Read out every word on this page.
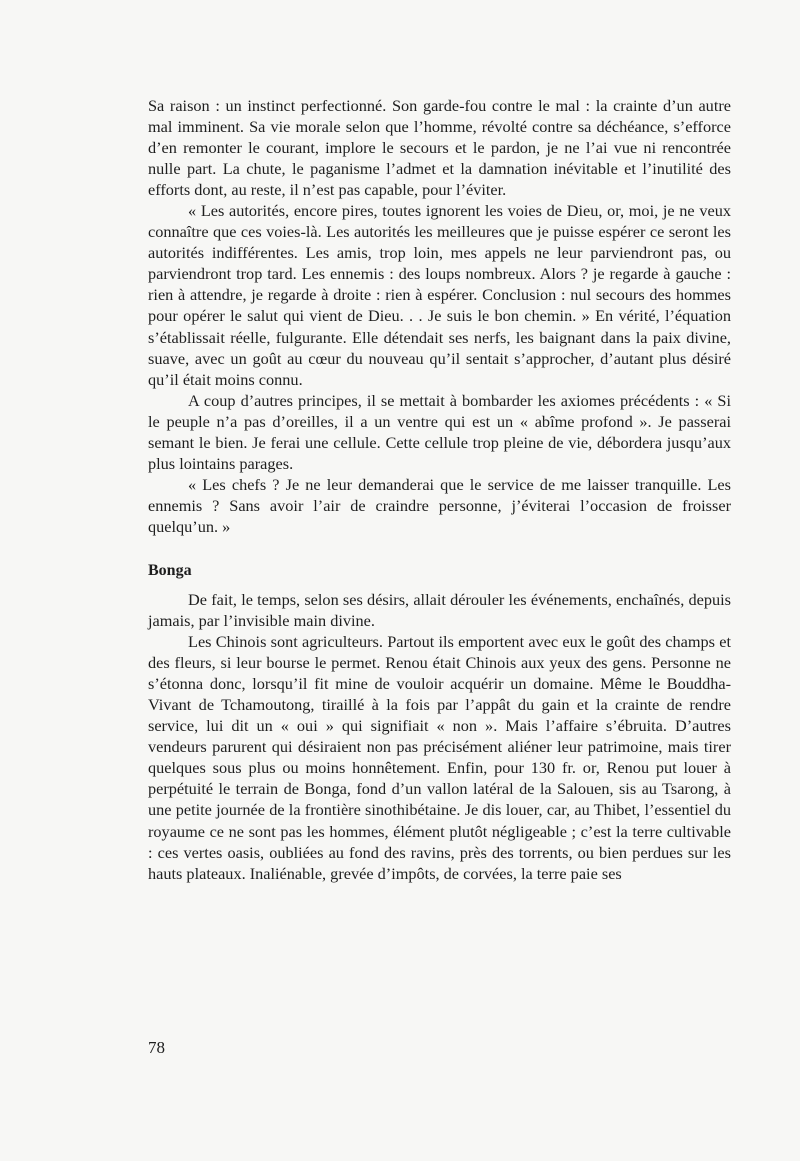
Sa raison : un instinct perfectionné. Son garde-fou contre le mal : la crainte d’un autre mal imminent. Sa vie morale selon que l’homme, révolté contre sa déchéance, s’efforce d’en remonter le courant, implore le secours et le pardon, je ne l’ai vue ni rencontrée nulle part. La chute, le paganisme l’admet et la damnation inévitable et l’inutilité des efforts dont, au reste, il n’est pas capable, pour l’éviter.

« Les autorités, encore pires, toutes ignorent les voies de Dieu, or, moi, je ne veux connaître que ces voies-là. Les autorités les meilleures que je puisse espérer ce seront les autorités indifférentes. Les amis, trop loin, mes appels ne leur parviendront pas, ou parviendront trop tard. Les ennemis : des loups nombreux. Alors ? je regarde à gauche : rien à attendre, je regarde à droite : rien à espérer. Conclusion : nul secours des hommes pour opérer le salut qui vient de Dieu. . . Je suis le bon chemin. » En vérité, l’équation s’établissait réelle, fulgurante. Elle détendait ses nerfs, les baignant dans la paix divine, suave, avec un goût au cœur du nouveau qu’il sentait s’approcher, d’autant plus désiré qu’il était moins connu.

A coup d’autres principes, il se mettait à bombarder les axiomes précédents : « Si le peuple n’a pas d’oreilles, il a un ventre qui est un « abîme profond ». Je passerai semant le bien. Je ferai une cellule. Cette cellule trop pleine de vie, débordera jusqu’aux plus lointains parages.

« Les chefs ? Je ne leur demanderai que le service de me laisser tranquille. Les ennemis ? Sans avoir l’air de craindre personne, j’éviterai l’occasion de froisser quelqu’un. »

Bonga

De fait, le temps, selon ses désirs, allait dérouler les événements, enchaînés, depuis jamais, par l’invisible main divine.

Les Chinois sont agriculteurs. Partout ils emportent avec eux le goût des champs et des fleurs, si leur bourse le permet. Renou était Chinois aux yeux des gens. Personne ne s’étonna donc, lorsqu’il fit mine de vouloir acquérir un domaine. Même le Bouddha-Vivant de Tchamoutong, tiraillé à la fois par l’appât du gain et la crainte de rendre service, lui dit un « oui » qui signifiait « non ». Mais l’affaire s’ébruita. D’autres vendeurs parurent qui désiraient non pas précisément aliéner leur patrimoine, mais tirer quelques sous plus ou moins honnêtement. Enfin, pour 130 fr. or, Renou put louer à perpétuité le terrain de Bonga, fond d’un vallon latéral de la Salouen, sis au Tsarong, à une petite journée de la frontière sinothibétaine. Je dis louer, car, au Thibet, l’essentiel du royaume ce ne sont pas les hommes, élément plutôt négligeable ; c’est la terre cultivable : ces vertes oasis, oubliées au fond des ravins, près des torrents, ou bien perdues sur les hauts plateaux. Inaliénable, grevée d’impôts, de corvées, la terre paie ses

78
